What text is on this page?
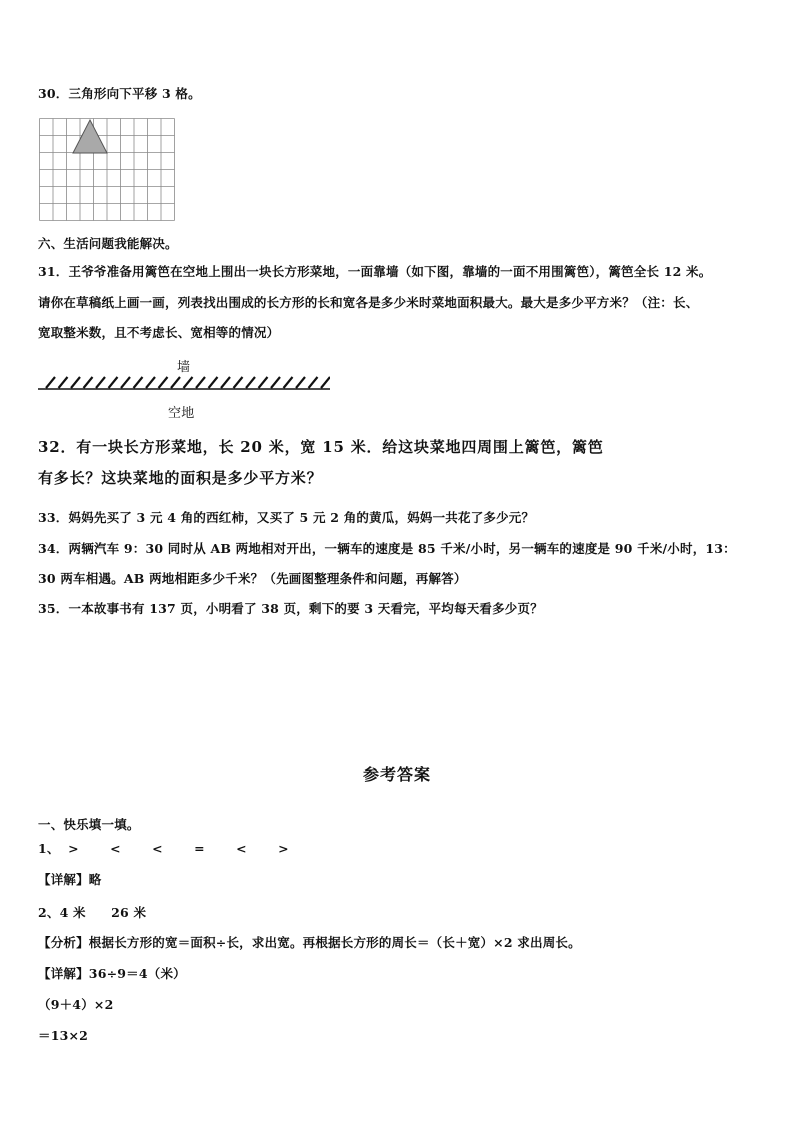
30．三角形向下平移 3 格。
六、生活问题我能解决。
31．王爷爷准备用篱笆在空地上围出一块长方形菜地，一面靠墙（如下图，靠墙的一面不用围篱笆），篱笆全长 12 米。
请你在草稿纸上画一画，列表找出围成的长方形的长和宽各是多少米时菜地面积最大。最大是多少平方米？（注：长、
宽取整米数，且不考虑长、宽相等的情况）
墙
空地
32．有一块长方形菜地，长 20 米，宽 15 米．给这块菜地四周围上篱笆，篱笆
有多长？这块菜地的面积是多少平方米？
33．妈妈先买了 3 元 4 角的西红柿，又买了 5 元 2 角的黄瓜，妈妈一共花了多少元？
34．两辆汽车 9：30 同时从 AB 两地相对开出，一辆车的速度是 85 千米/小时，另一辆车的速度是 90 千米/小时，13：
30 两车相遇。AB 两地相距多少千米？（先画图整理条件和问题，再解答）
35．一本故事书有 137 页，小明看了 38 页，剩下的要 3 天看完，平均每天看多少页？
参考答案
一、快乐填一填。
1、 >	<	<	=	<	>
【详解】略
2、4 米　　26 米
【分析】根据长方形的宽＝面积÷长，求出宽。再根据长方形的周长＝（长＋宽）×2 求出周长。
【详解】36÷9＝4（米）
（9＋4）×2
＝13×2
